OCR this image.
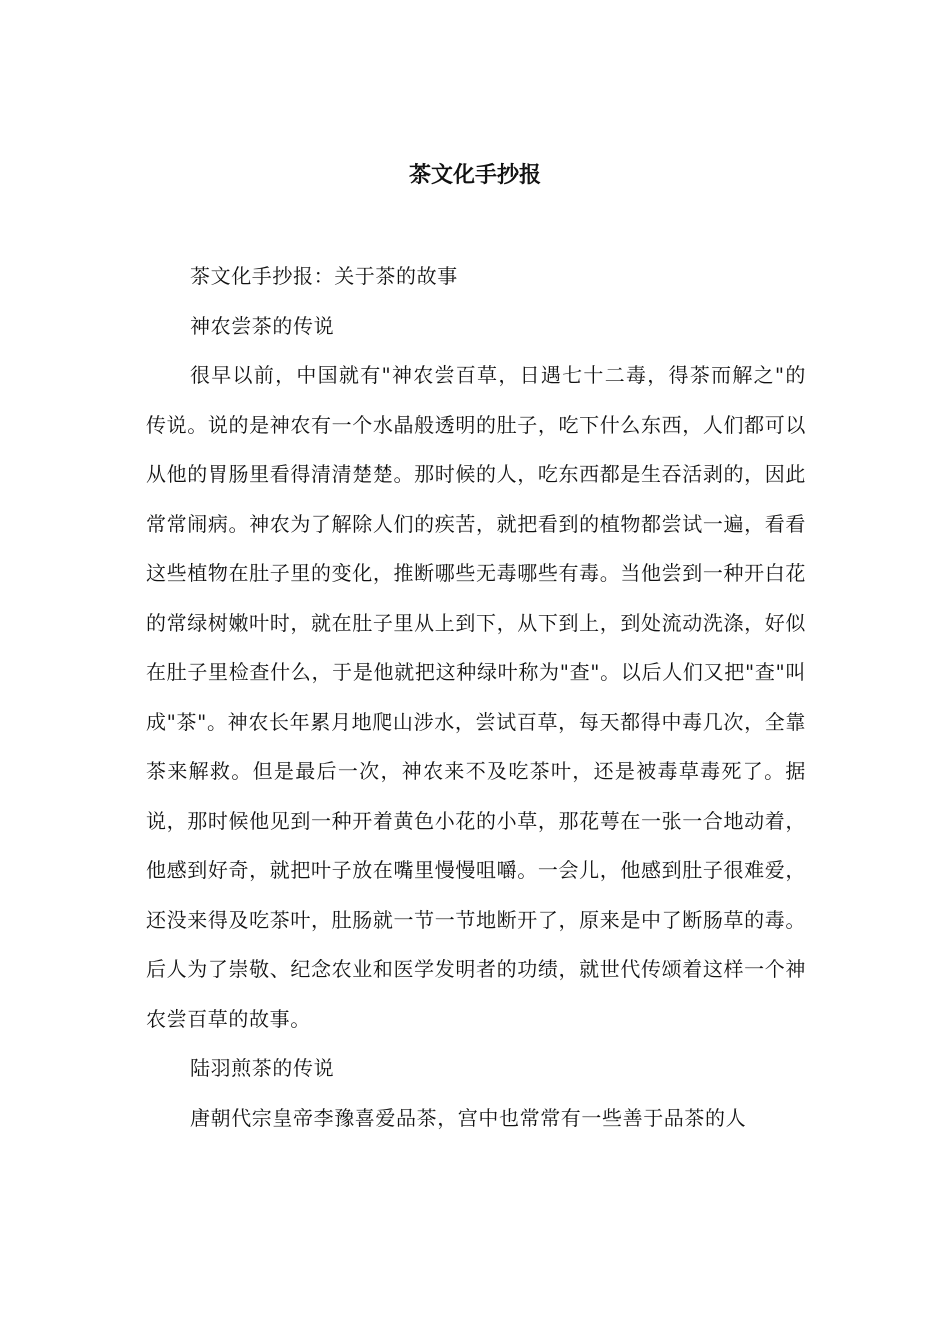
茶文化手抄报

茶文化手抄报：关于茶的故事

神农尝茶的传说

很早以前，中国就有"神农尝百草，日遇七十二毒，得茶而解之"的传说。说的是神农有一个水晶般透明的肚子，吃下什么东西，人们都可以从他的胃肠里看得清清楚楚。那时候的人，吃东西都是生吞活剥的，因此常常闹病。神农为了解除人们的疾苦，就把看到的植物都尝试一遍，看看这些植物在肚子里的变化，推断哪些无毒哪些有毒。当他尝到一种开白花的常绿树嫩叶时，就在肚子里从上到下，从下到上，到处流动洗涤，好似在肚子里检查什么，于是他就把这种绿叶称为"查"。以后人们又把"查"叫成"茶"。神农长年累月地爬山涉水，尝试百草，每天都得中毒几次，全靠茶来解救。但是最后一次，神农来不及吃茶叶，还是被毒草毒死了。据说，那时候他见到一种开着黄色小花的小草，那花萼在一张一合地动着，他感到好奇，就把叶子放在嘴里慢慢咀嚼。一会儿，他感到肚子很难爱，还没来得及吃茶叶，肚肠就一节一节地断开了，原来是中了断肠草的毒。后人为了崇敬、纪念农业和医学发明者的功绩，就世代传颂着这样一个神农尝百草的故事。

陆羽煎茶的传说

唐朝代宗皇帝李豫喜爱品茶，宫中也常常有一些善于品茶的人
